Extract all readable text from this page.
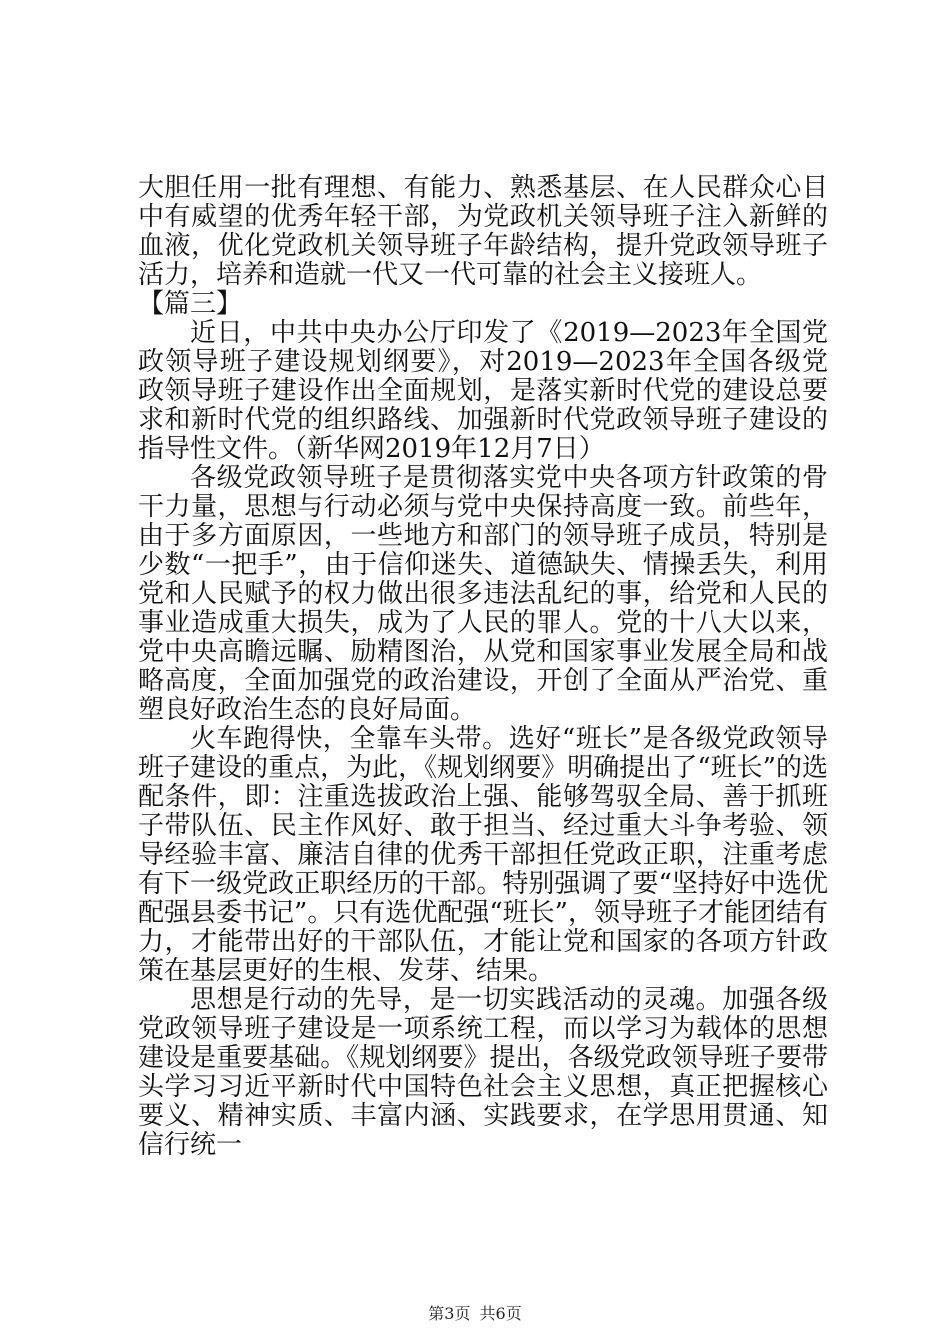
大胆任用一批有理想、有能力、熟悉基层、在人民群众心目中有威望的优秀年轻干部，为党政机关领导班子注入新鲜的血液，优化党政机关领导班子年龄结构，提升党政领导班子活力，培养和造就一代又一代可靠的社会主义接班人。

【篇三】

近日，中共中央办公厅印发了《2019—2023年全国党政领导班子建设规划纲要》，对2019—2023年全国各级党政领导班子建设作出全面规划，是落实新时代党的建设总要求和新时代党的组织路线、加强新时代党政领导班子建设的指导性文件。（新华网2019年12月7日）

各级党政领导班子是贯彻落实党中央各项方针政策的骨干力量，思想与行动必须与党中央保持高度一致。前些年，由于多方面原因，一些地方和部门的领导班子成员，特别是少数“一把手”，由于信仰迷失、道德缺失、情操丢失，利用党和人民赋予的权力做出很多违法乱纪的事，给党和人民的事业造成重大损失，成为了人民的罪人。党的十八大以来，党中央高瞻远瞩、励精图治，从党和国家事业发展全局和战略高度，全面加强党的政治建设，开创了全面从严治党、重塑良好政治生态的良好局面。

火车跑得快，全靠车头带。选好“班长”是各级党政领导班子建设的重点，为此，《规划纲要》明确提出了“班长”的选配条件，即：注重选拔政治上强、能够驾驭全局、善于抓班子带队伍、民主作风好、敢于担当、经过重大斗争考验、领导经验丰富、廉洁自律的优秀干部担任党政正职，注重考虑有下一级党政正职经历的干部。特别强调了要“坚持好中选优配强县委书记”。只有选优配强“班长”，领导班子才能团结有力，才能带出好的干部队伍，才能让党和国家的各项方针政策在基层更好的生根、发芽、结果。

思想是行动的先导，是一切实践活动的灵魂。加强各级党政领导班子建设是一项系统工程，而以学习为载体的思想建设是重要基础。《规划纲要》提出，各级党政领导班子要带头学习习近平新时代中国特色社会主义思想，真正把握核心要义、精神实质、丰富内涵、实践要求，在学思用贯通、知信行统一

第3页 共6页
